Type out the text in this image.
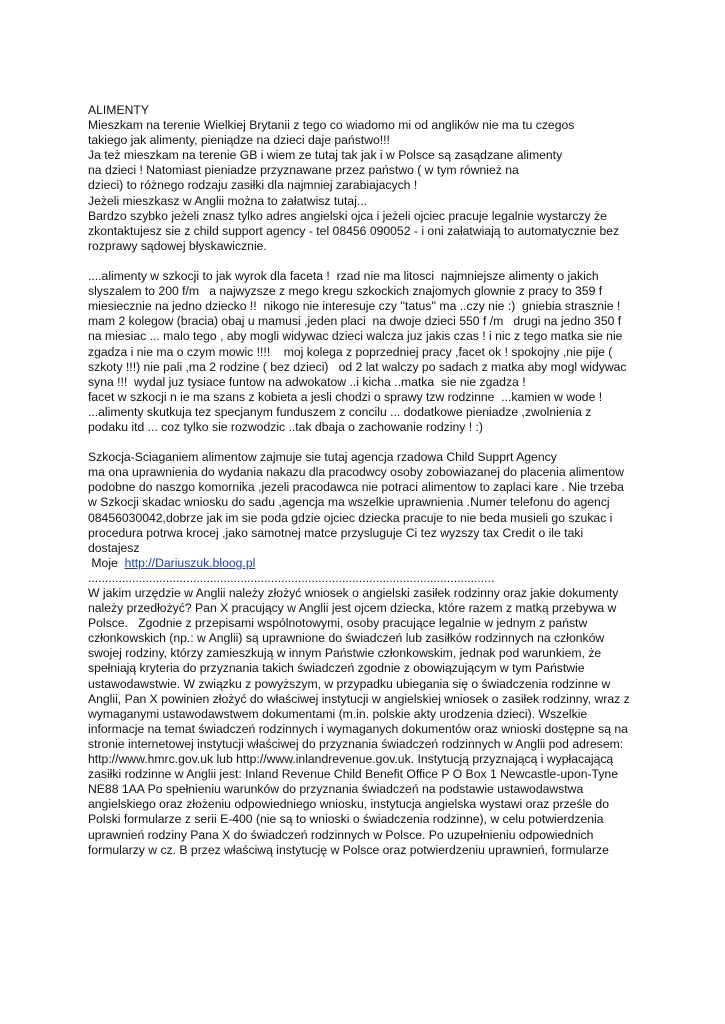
ALIMENTY
Mieszkam na terenie Wielkiej Brytanii z tego co wiadomo mi od anglików nie ma tu czegos
takiego jak alimenty, pieniądze na dzieci daje państwo!!!
Ja też mieszkam na terenie GB i wiem ze tutaj tak jak i w Polsce są zasądzane alimenty
na dzieci ! Natomiast pieniadze przyznawane przez państwo ( w tym również na
dzieci) to różnego rodzaju zasiłki dla najmniej zarabiajacych !
Jeżeli mieszkasz w Anglii można to załatwisz tutaj...
Bardzo szybko jeżeli znasz tylko adres angielski ojca i jeżeli ojciec pracuje legalnie wystarczy że
zkontaktujesz sie z child support agency - tel 08456 090052 - i oni załatwiają to automatycznie bez
rozprawy sądowej błyskawicznie.
....alimenty w szkocji to jak wyrok dla faceta !  rzad nie ma litosci  najmniejsze alimenty o jakich
slyszalem to 200 f/m   a najwyzsze z mego kregu szkockich znajomych glownie z pracy to 359 f
miesiecznie na jedno dziecko !!  nikogo nie interesuje czy ''tatus'' ma ..czy nie :)  gniebia strasznie !
mam 2 kolegow (bracia) obaj u mamusi ,jeden placi  na dwoje dzieci 550 f /m   drugi na jedno 350 f
na miesiac ... malo tego , aby mogli widywac dzieci walcza juz jakis czas ! i nic z tego matka sie nie
zgadza i nie ma o czym mowic !!!!    moj kolega z poprzedniej pracy ,facet ok ! spokojny ,nie pije (
szkoty !!!) nie pali ,ma 2 rodzine ( bez dzieci)   od 2 lat walczy po sadach z matka aby mogl widywac
syna !!!  wydal juz tysiace funtow na adwokatow ..i kicha ..matka  sie nie zgadza !
facet w szkocji n ie ma szans z kobieta a jesli chodzi o sprawy tzw rodzinne  ...kamien w wode !
...alimenty skutkuja tez specjanym funduszem z concilu ... dodatkowe pieniadze ,zwolnienia z
podaku itd ... coz tylko sie rozwodzic ..tak dbaja o zachowanie rodziny ! :)
Szkocja-Sciaganiem alimentow zajmuje sie tutaj agencja rzadowa Child Supprt Agency
ma ona uprawnienia do wydania nakazu dla pracodwcy osoby zobowiazanej do placenia alimentow
podobne do naszgo komornika ,jezeli pracodawca nie potraci alimentow to zaplaci kare . Nie trzeba
w Szkocji skadac wniosku do sadu ,agencja ma wszelkie uprawnienia .Numer telefonu do agencj
08456030042,dobrze jak im sie poda gdzie ojciec dziecka pracuje to nie beda musieli go szukac i
procedura potrwa krocej ,jako samotnej matce przysluguje Ci tez wyzszy tax Credit o ile taki
dostajesz
Moje  http://Dariuszuk.bloog.pl
........................................................................................................................
W jakim urzędzie w Anglii należy złożyć wniosek o angielski zasiłek rodzinny oraz jakie dokumenty
należy przedłożyć? Pan X pracujący w Anglii jest ojcem dziecka, które razem z matką przebywa w
Polsce.   Zgodnie z przepisami wspólnotowymi, osoby pracujące legalnie w jednym z państw
członkowskich (np.: w Anglii) są uprawnione do świadczeń lub zasiłków rodzinnych na członków
swojej rodziny, którzy zamieszkują w innym Państwie członkowskim, jednak pod warunkiem, że
spełniają kryteria do przyznania takich świadczeń zgodnie z obowiązującym w tym Państwie
ustawodawstwie. W związku z powyższym, w przypadku ubiegania się o świadczenia rodzinne w
Anglii, Pan X powinien złożyć do właściwej instytucji w angielskiej wniosek o zasiłek rodzinny, wraz z
wymaganymi ustawodawstwem dokumentami (m.in. polskie akty urodzenia dzieci). Wszelkie
informacje na temat świadczeń rodzinnych i wymaganych dokumentów oraz wnioski dostępne są na
stronie internetowej instytucji właściwej do przyznania świadczeń rodzinnych w Anglii pod adresem:
http://www.hmrc.gov.uk lub http://www.inlandrevenue.gov.uk. Instytucją przyznającą i wypłacającą
zasiłki rodzinne w Anglii jest: Inland Revenue Child Benefit Office P O Box 1 Newcastle-upon-Tyne
NE88 1AA Po spełnieniu warunków do przyznania świadczeń na podstawie ustawodawstwa
angielskiego oraz złożeniu odpowiedniego wniosku, instytucja angielska wystawi oraz prześle do
Polski formularze z serii E-400 (nie są to wnioski o świadczenia rodzinne), w celu potwierdzenia
uprawnień rodziny Pana X do świadczeń rodzinnych w Polsce. Po uzupełnieniu odpowiednich
formularzy w cz. B przez właściwą instytucję w Polsce oraz potwierdzeniu uprawnień, formularze
